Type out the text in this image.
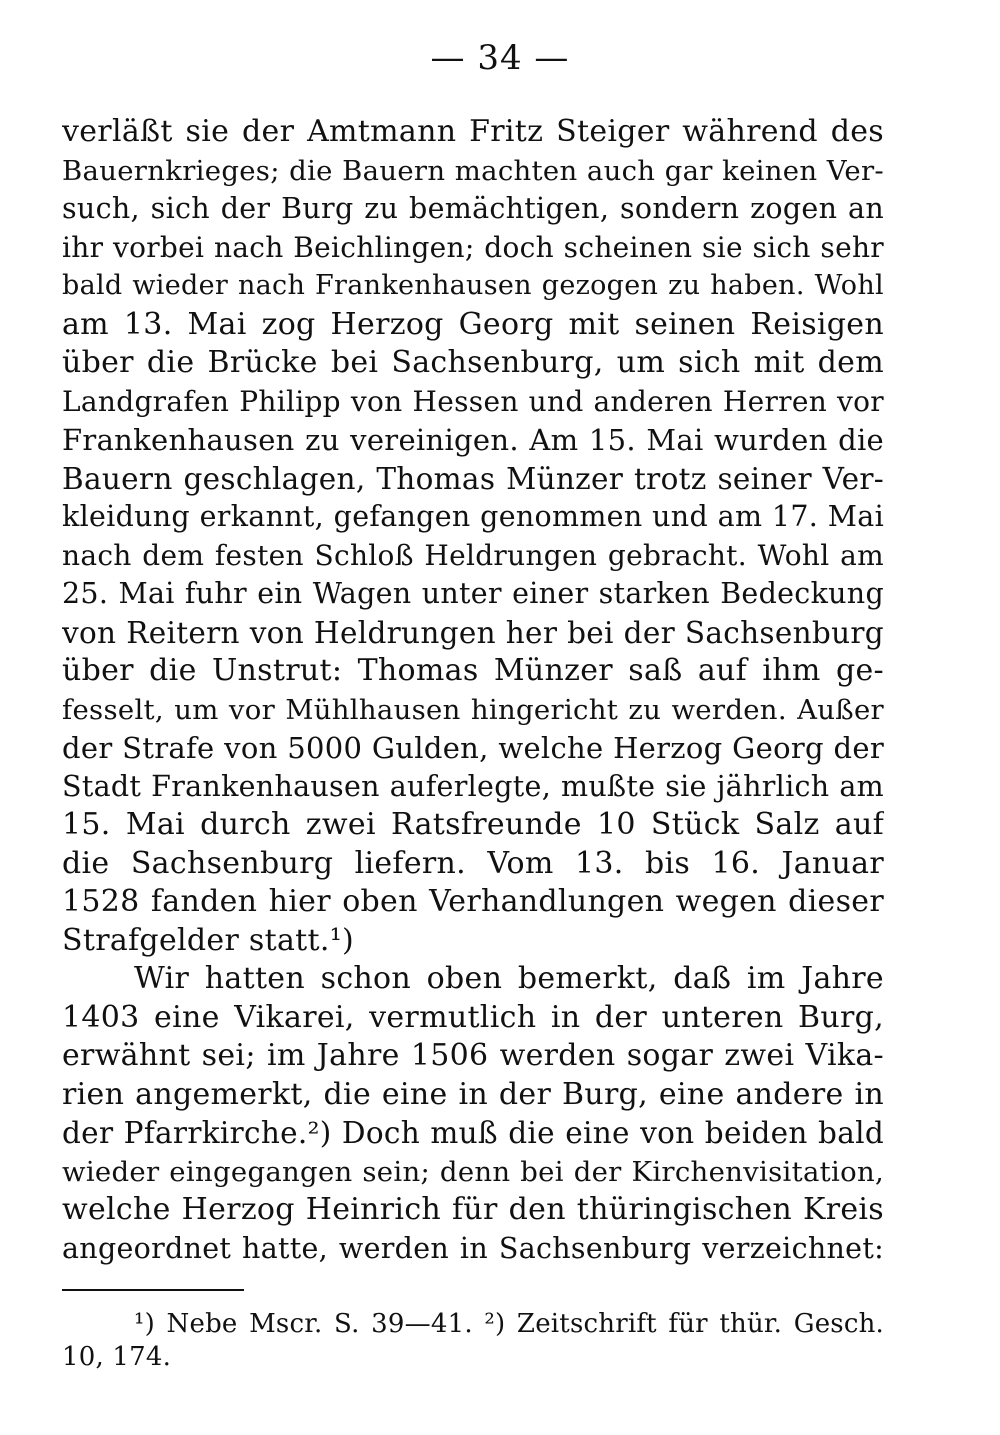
— 34 —
verläßt sie der Amtmann Fritz Steiger während des
Bauernkrieges; die Bauern machten auch gar keinen Ver-
such, sich der Burg zu bemächtigen, sondern zogen an
ihr vorbei nach Beichlingen; doch scheinen sie sich sehr
bald wieder nach Frankenhausen gezogen zu haben. Wohl
am 13. Mai zog Herzog Georg mit seinen Reisigen
über die Brücke bei Sachsenburg, um sich mit dem
Landgrafen Philipp von Hessen und anderen Herren vor
Frankenhausen zu vereinigen. Am 15. Mai wurden die
Bauern geschlagen, Thomas Münzer trotz seiner Ver-
kleidung erkannt, gefangen genommen und am 17. Mai
nach dem festen Schloß Heldrungen gebracht. Wohl am
25. Mai fuhr ein Wagen unter einer starken Bedeckung
von Reitern von Heldrungen her bei der Sachsenburg
über die Unstrut: Thomas Münzer saß auf ihm ge-
fesselt, um vor Mühlhausen hingericht zu werden. Außer
der Strafe von 5000 Gulden, welche Herzog Georg der
Stadt Frankenhausen auferlegte, mußte sie jährlich am
15. Mai durch zwei Ratsfreunde 10 Stück Salz auf
die Sachsenburg liefern. Vom 13. bis 16. Januar
1528 fanden hier oben Verhandlungen wegen dieser
Strafgelder statt.¹)
Wir hatten schon oben bemerkt, daß im Jahre
1403 eine Vikarei, vermutlich in der unteren Burg,
erwähnt sei; im Jahre 1506 werden sogar zwei Vika-
rien angemerkt, die eine in der Burg, eine andere in
der Pfarrkirche.²) Doch muß die eine von beiden bald
wieder eingegangen sein; denn bei der Kirchenvisitation,
welche Herzog Heinrich für den thüringischen Kreis
angeordnet hatte, werden in Sachsenburg verzeichnet:
¹) Nebe Mscr. S. 39—41. ²) Zeitschrift für thür. Gesch.
10, 174.
